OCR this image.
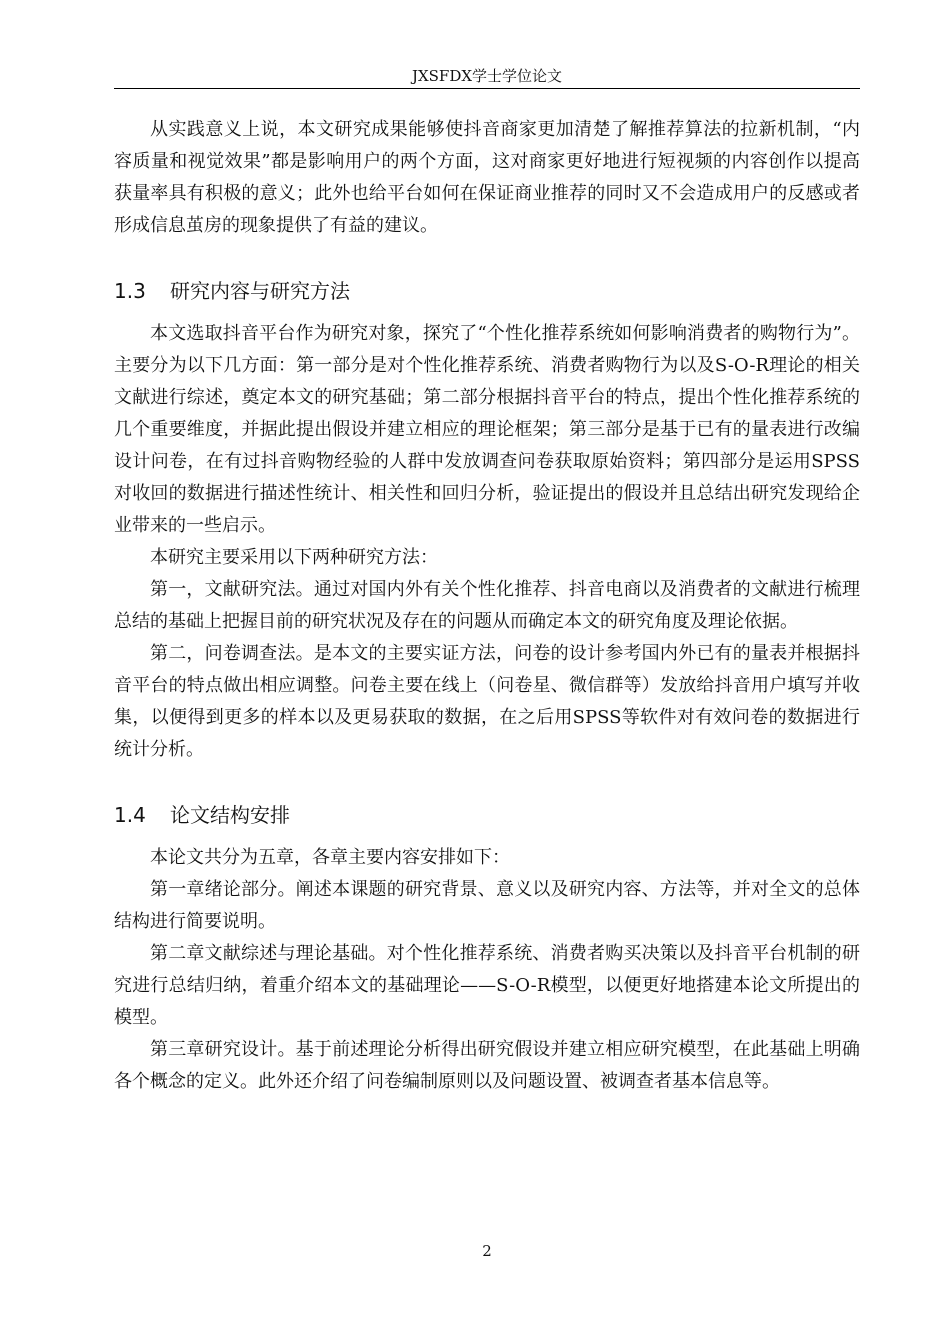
JXSFDX学士学位论文

从实践意义上说，本文研究成果能够使抖音商家更加清楚了解推荐算法的拉新机制，“内容质量和视觉效果”都是影响用户的两个方面，这对商家更好地进行短视频的内容创作以提高获量率具有积极的意义；此外也给平台如何在保证商业推荐的同时又不会造成用户的反感或者形成信息茧房的现象提供了有益的建议。

1.3 研究内容与研究方法

本文选取抖音平台作为研究对象，探究了“个性化推荐系统如何影响消费者的购物行为”。主要分为以下几方面：第一部分是对个性化推荐系统、消费者购物行为以及S-O-R理论的相关文献进行综述，奠定本文的研究基础；第二部分根据抖音平台的特点，提出个性化推荐系统的几个重要维度，并据此提出假设并建立相应的理论框架；第三部分是基于已有的量表进行改编设计问卷，在有过抖音购物经验的人群中发放调查问卷获取原始资料；第四部分是运用SPSS对收回的数据进行描述性统计、相关性和回归分析，验证提出的假设并且总结出研究发现给企业带来的一些启示。

本研究主要采用以下两种研究方法：

第一，文献研究法。通过对国内外有关个性化推荐、抖音电商以及消费者的文献进行梳理总结的基础上把握目前的研究状况及存在的问题从而确定本文的研究角度及理论依据。

第二，问卷调查法。是本文的主要实证方法，问卷的设计参考国内外已有的量表并根据抖音平台的特点做出相应调整。问卷主要在线上（问卷星、微信群等）发放给抖音用户填写并收集，以便得到更多的样本以及更易获取的数据，在之后用SPSS等软件对有效问卷的数据进行统计分析。

1.4 论文结构安排

本论文共分为五章，各章主要内容安排如下：

第一章绪论部分。阐述本课题的研究背景、意义以及研究内容、方法等，并对全文的总体结构进行简要说明。

第二章文献综述与理论基础。对个性化推荐系统、消费者购买决策以及抖音平台机制的研究进行总结归纳，着重介绍本文的基础理论——S-O-R模型，以便更好地搭建本论文所提出的模型。

第三章研究设计。基于前述理论分析得出研究假设并建立相应研究模型，在此基础上明确各个概念的定义。此外还介绍了问卷编制原则以及问题设置、被调查者基本信息等。

2
